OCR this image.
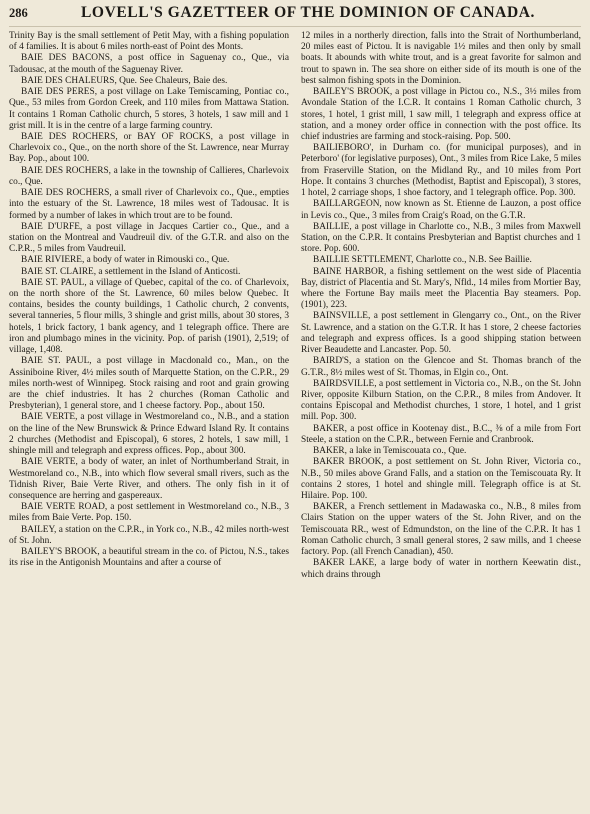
286	LOVELL'S GAZETTEER OF THE DOMINION OF CANADA.

Trinity Bay is the small settlement of Petit May, with a fishing population of 4 families. It is about 6 miles north-east of Point des Monts.

BAIE DES BACONS, a post office in Saguenay co., Que., via Tadousac, at the mouth of the Saguenay River.

BAIE DES CHALEURS, Que. See Chaleurs, Baie des.

BAIE DES PERES, a post village on Lake Temiscaming, Pontiac co., Que., 53 miles from Gordon Creek, and 110 miles from Mattawa Station. It contains 1 Roman Catholic church, 5 stores, 3 hotels, 1 saw mill and 1 grist mill. It is in the centre of a large farming country.

BAIE DES ROCHERS, or BAY OF ROCKS, a post village in Charlevoix co., Que., on the north shore of the St. Lawrence, near Murray Bay. Pop., about 100.

BAIE DES ROCHERS, a lake in the township of Callieres, Charlevoix co., Que.

BAIE DES ROCHERS, a small river of Charlevoix co., Que., empties into the estuary of the St. Lawrence, 18 miles west of Tadousac. It is formed by a number of lakes in which trout are to be found.

BAIE D'URFE, a post village in Jacques Cartier co., Que., and a station on the Montreal and Vaudreuil div. of the G.T.R. and also on the C.P.R., 5 miles from Vaudreuil.

BAIE RIVIERE, a body of water in Rimouski co., Que.

BAIE ST. CLAIRE, a settlement in the Island of Anticosti.

BAIE ST. PAUL, a village of Quebec, capital of the co. of Charlevoix, on the north shore of the St. Lawrence, 60 miles below Quebec. It contains, besides the county buildings, 1 Catholic church, 2 convents, several tanneries, 5 flour mills, 3 shingle and grist mills, about 30 stores, 3 hotels, 1 brick factory, 1 bank agency, and 1 telegraph office. There are iron and plumbago mines in the vicinity. Pop. of parish (1901), 2,519; of village, 1,408.

BAIE ST. PAUL, a post village in Macdonald co., Man., on the Assiniboine River, 4½ miles south of Marquette Station, on the C.P.R., 29 miles north-west of Winnipeg. Stock raising and root and grain growing are the chief industries. It has 2 churches (Roman Catholic and Presbyterian), 1 general store, and 1 cheese factory. Pop., about 150.

BAIE VERTE, a post village in Westmoreland co., N.B., and a station on the line of the New Brunswick & Prince Edward Island Ry. It contains 2 churches (Methodist and Episcopal), 6 stores, 2 hotels, 1 saw mill, 1 shingle mill and telegraph and express offices. Pop., about 300.

BAIE VERTE, a body of water, an inlet of Northumberland Strait, in Westmoreland co., N.B., into which flow several small rivers, such as the Tidnish River, Baie Verte River, and others. The only fish in it of consequence are herring and gaspereaux.

BAIE VERTE ROAD, a post settlement in Westmoreland co., N.B., 3 miles from Baie Verte. Pop. 150.

BAILEY, a station on the C.P.R., in York co., N.B., 42 miles north-west of St. John.

BAILEY'S BROOK, a beautiful stream in the co. of Pictou, N.S., takes its rise in the Antigonish Mountains and after a course of

12 miles in a northerly direction, falls into the Strait of Northumberland, 20 miles east of Pictou. It is navigable 1½ miles and then only by small boats. It abounds with white trout, and is a great favorite for salmon and trout to spawn in. The sea shore on either side of its mouth is one of the best salmon fishing spots in the Dominion.

BAILEY'S BROOK, a post village in Pictou co., N.S., 3½ miles from Avondale Station of the I.C.R. It contains 1 Roman Catholic church, 3 stores, 1 hotel, 1 grist mill, 1 saw mill, 1 telegraph and express office at station, and a money order office in connection with the post office. Its chief industries are farming and stock-raising. Pop. 500.

BAILIEBORO', in Durham co. (for municipal purposes), and in Peterboro' (for legislative purposes), Ont., 3 miles from Rice Lake, 5 miles from Fraserville Station, on the Midland Ry., and 10 miles from Port Hope. It contains 3 churches (Methodist, Baptist and Episcopal), 3 stores, 1 hotel, 2 carriage shops, 1 shoe factory, and 1 telegraph office. Pop. 300.

BAILLARGEON, now known as St. Etienne de Lauzon, a post office in Levis co., Que., 3 miles from Craig's Road, on the G.T.R.

BAILLIE, a post village in Charlotte co., N.B., 3 miles from Maxwell Station, on the C.P.R. It contains Presbyterian and Baptist churches and 1 store. Pop. 600.

BAILLIE SETTLEMENT, Charlotte co., N.B. See Baillie.

BAINE HARBOR, a fishing settlement on the west side of Placentia Bay, district of Placentia and St. Mary's, Nfld., 14 miles from Mortier Bay, where the Fortune Bay mails meet the Placentia Bay steamers. Pop. (1901), 223.

BAINSVILLE, a post settlement in Glengarry co., Ont., on the River St. Lawrence, and a station on the G.T.R. It has 1 store, 2 cheese factories and telegraph and express offices. Is a good shipping station between River Beaudette and Lancaster. Pop. 50.

BAIRD'S, a station on the Glencoe and St. Thomas branch of the G.T.R., 8½ miles west of St. Thomas, in Elgin co., Ont.

BAIRDSVILLE, a post settlement in Victoria co., N.B., on the St. John River, opposite Kilburn Station, on the C.P.R., 8 miles from Andover. It contains Episcopal and Methodist churches, 1 store, 1 hotel, and 1 grist mill. Pop. 300.

BAKER, a post office in Kootenay dist., B.C., ⅜ of a mile from Fort Steele, a station on the C.P.R., between Fernie and Cranbrook.

BAKER, a lake in Temiscouata co., Que.

BAKER BROOK, a post settlement on St. John River, Victoria co., N.B., 50 miles above Grand Falls, and a station on the Temiscouata Ry. It contains 2 stores, 1 hotel and shingle mill. Telegraph office is at St. Hilaire. Pop. 100.

BAKER, a French settlement in Madawaska co., N.B., 8 miles from Clairs Station on the upper waters of the St. John River, and on the Temiscouata RR., west of Edmundston, on the line of the C.P.R. It has 1 Roman Catholic church, 3 small general stores, 2 saw mills, and 1 cheese factory. Pop. (all French Canadian), 450.

BAKER LAKE, a large body of water in northern Keewatin dist., which drains through
